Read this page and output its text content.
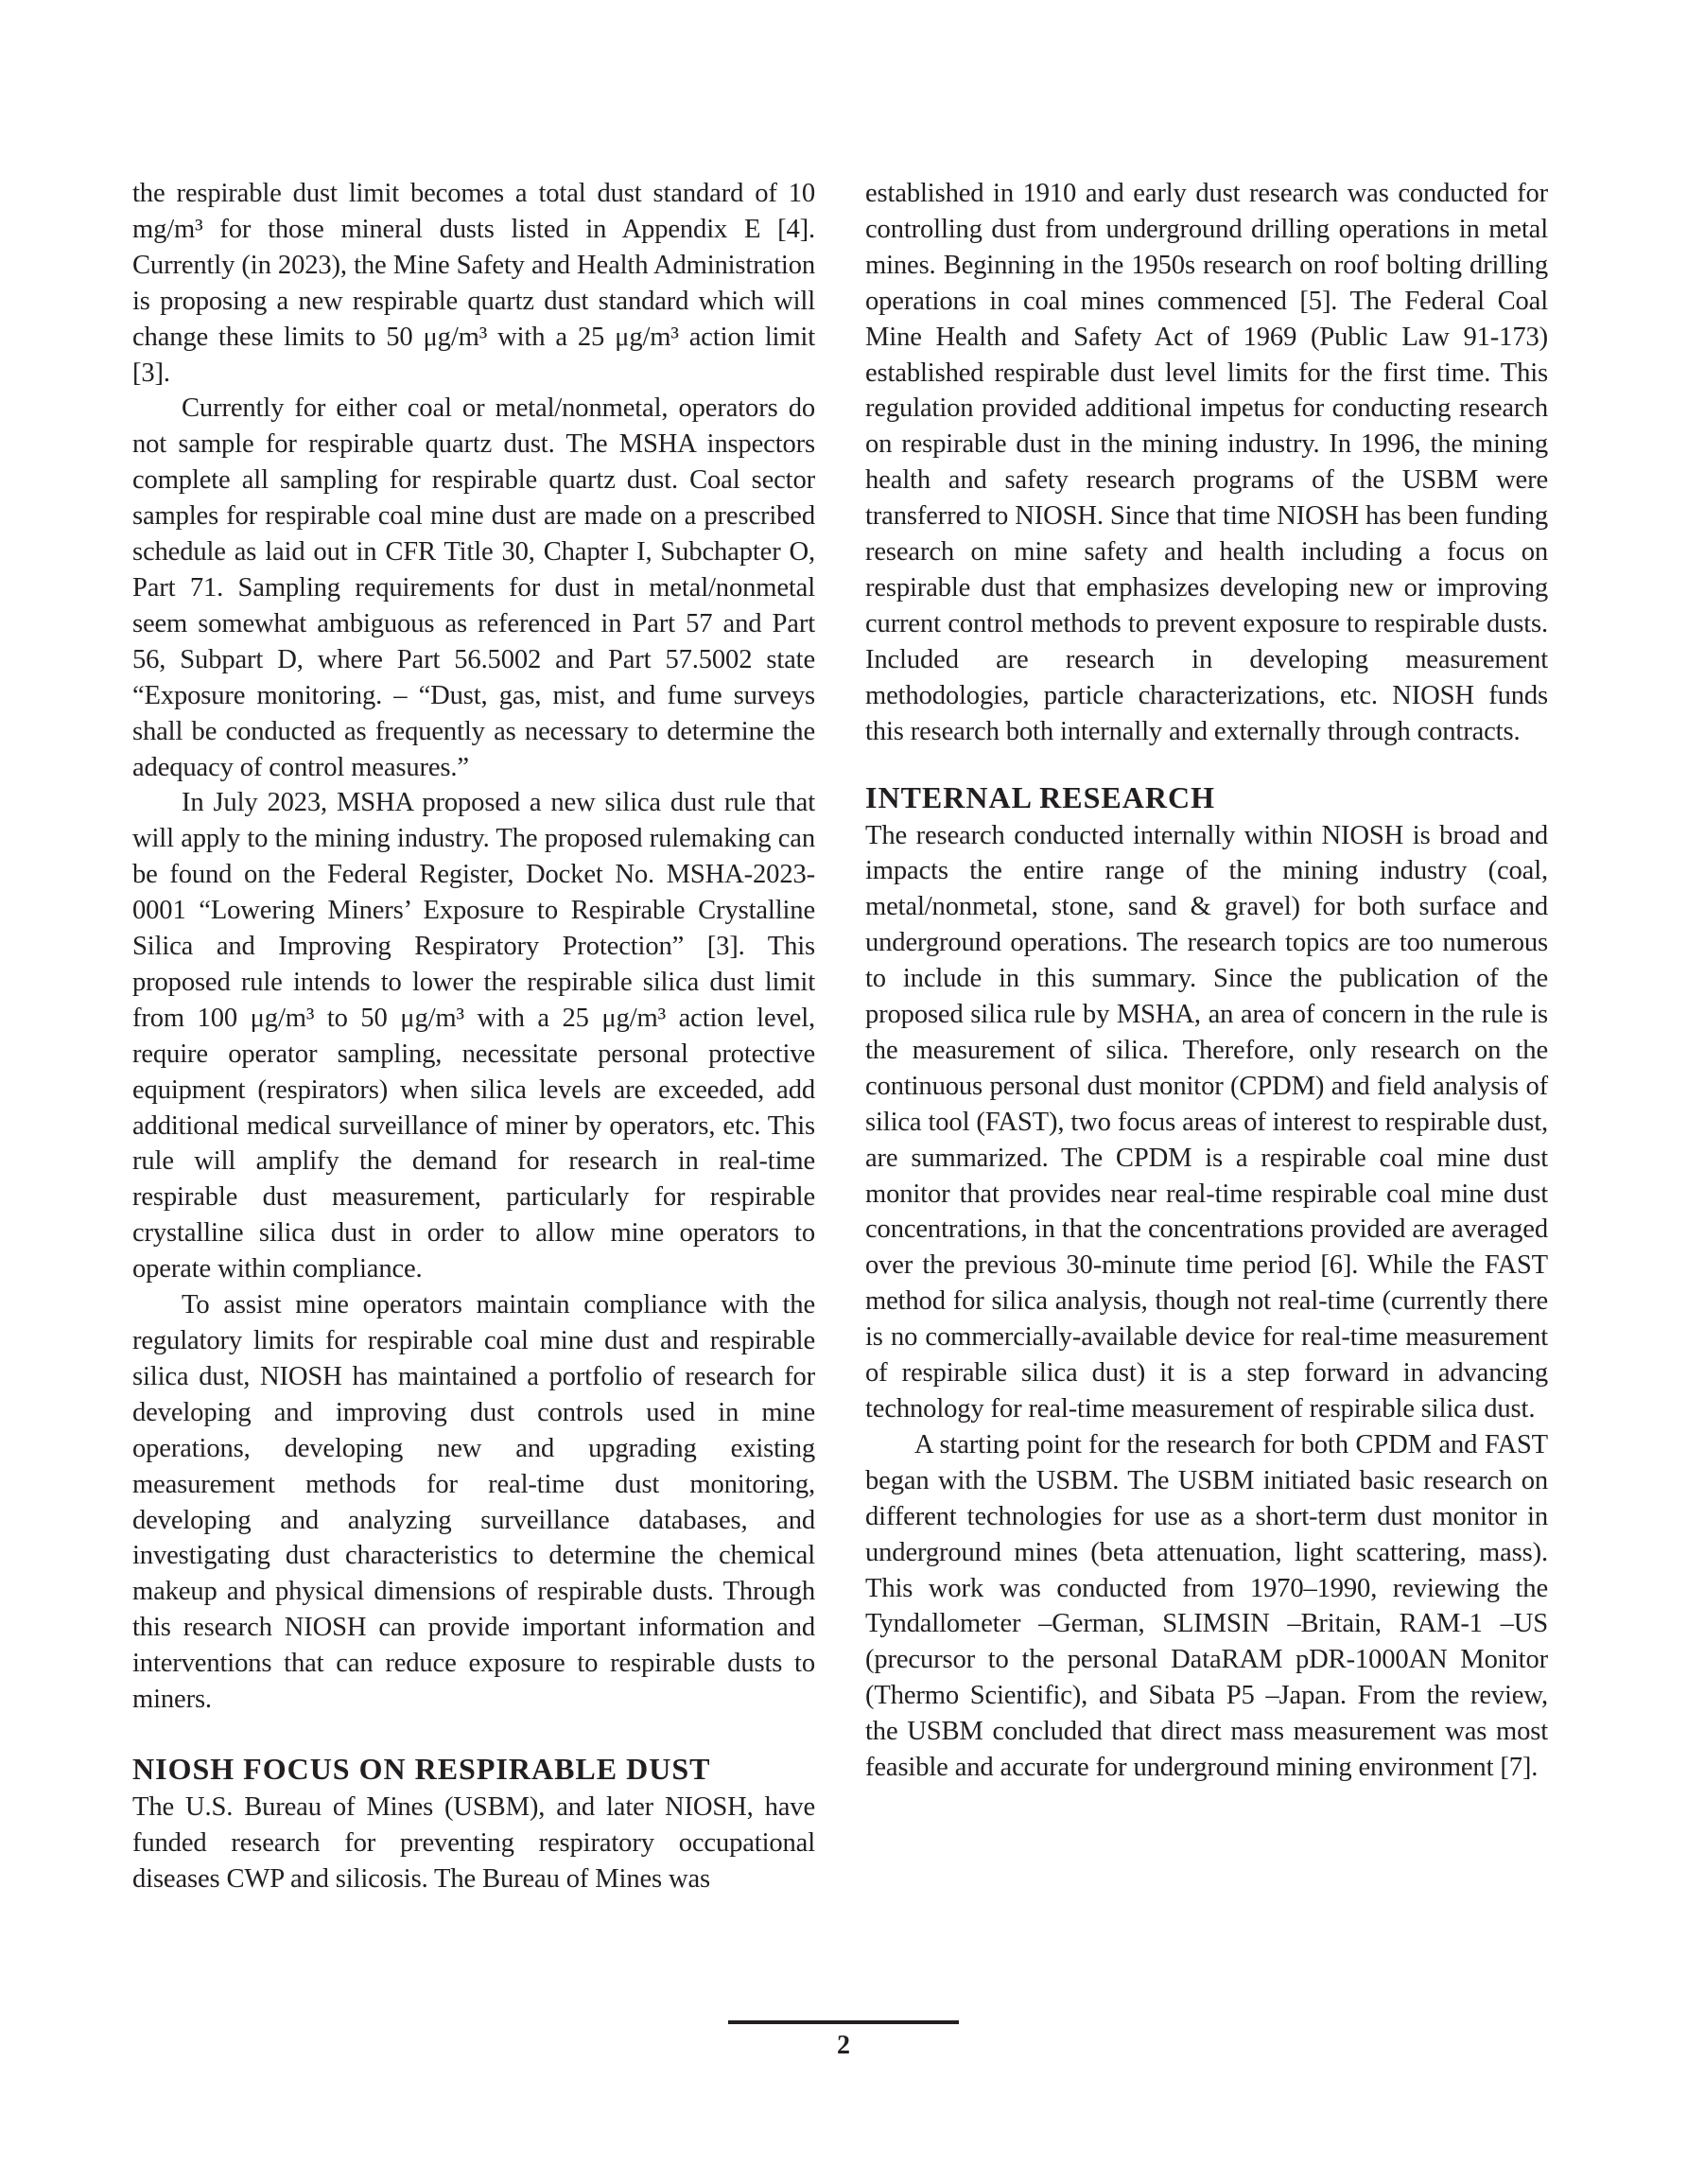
the respirable dust limit becomes a total dust standard of 10 mg/m³ for those mineral dusts listed in Appendix E [4]. Currently (in 2023), the Mine Safety and Health Administration is proposing a new respirable quartz dust standard which will change these limits to 50 μg/m³ with a 25 μg/m³ action limit [3].

Currently for either coal or metal/nonmetal, operators do not sample for respirable quartz dust. The MSHA inspectors complete all sampling for respirable quartz dust. Coal sector samples for respirable coal mine dust are made on a prescribed schedule as laid out in CFR Title 30, Chapter I, Subchapter O, Part 71. Sampling requirements for dust in metal/nonmetal seem somewhat ambiguous as referenced in Part 57 and Part 56, Subpart D, where Part 56.5002 and Part 57.5002 state “Exposure monitoring. – “Dust, gas, mist, and fume surveys shall be conducted as frequently as necessary to determine the adequacy of control measures.”

In July 2023, MSHA proposed a new silica dust rule that will apply to the mining industry. The proposed rulemaking can be found on the Federal Register, Docket No. MSHA-2023-0001 “Lowering Miners’ Exposure to Respirable Crystalline Silica and Improving Respiratory Protection” [3]. This proposed rule intends to lower the respirable silica dust limit from 100 μg/m³ to 50 μg/m³ with a 25 μg/m³ action level, require operator sampling, necessitate personal protective equipment (respirators) when silica levels are exceeded, add additional medical surveillance of miner by operators, etc. This rule will amplify the demand for research in real-time respirable dust measurement, particularly for respirable crystalline silica dust in order to allow mine operators to operate within compliance.

To assist mine operators maintain compliance with the regulatory limits for respirable coal mine dust and respirable silica dust, NIOSH has maintained a portfolio of research for developing and improving dust controls used in mine operations, developing new and upgrading existing measurement methods for real-time dust monitoring, developing and analyzing surveillance databases, and investigating dust characteristics to determine the chemical makeup and physical dimensions of respirable dusts. Through this research NIOSH can provide important information and interventions that can reduce exposure to respirable dusts to miners.

NIOSH FOCUS ON RESPIRABLE DUST

The U.S. Bureau of Mines (USBM), and later NIOSH, have funded research for preventing respiratory occupational diseases CWP and silicosis. The Bureau of Mines was

established in 1910 and early dust research was conducted for controlling dust from underground drilling operations in metal mines. Beginning in the 1950s research on roof bolting drilling operations in coal mines commenced [5]. The Federal Coal Mine Health and Safety Act of 1969 (Public Law 91-173) established respirable dust level limits for the first time. This regulation provided additional impetus for conducting research on respirable dust in the mining industry. In 1996, the mining health and safety research programs of the USBM were transferred to NIOSH. Since that time NIOSH has been funding research on mine safety and health including a focus on respirable dust that emphasizes developing new or improving current control methods to prevent exposure to respirable dusts. Included are research in developing measurement methodologies, particle characterizations, etc. NIOSH funds this research both internally and externally through contracts.

INTERNAL RESEARCH

The research conducted internally within NIOSH is broad and impacts the entire range of the mining industry (coal, metal/nonmetal, stone, sand & gravel) for both surface and underground operations. The research topics are too numerous to include in this summary. Since the publication of the proposed silica rule by MSHA, an area of concern in the rule is the measurement of silica. Therefore, only research on the continuous personal dust monitor (CPDM) and field analysis of silica tool (FAST), two focus areas of interest to respirable dust, are summarized. The CPDM is a respirable coal mine dust monitor that provides near real-time respirable coal mine dust concentrations, in that the concentrations provided are averaged over the previous 30-minute time period [6]. While the FAST method for silica analysis, though not real-time (currently there is no commercially-available device for real-time measurement of respirable silica dust) it is a step forward in advancing technology for real-time measurement of respirable silica dust.

A starting point for the research for both CPDM and FAST began with the USBM. The USBM initiated basic research on different technologies for use as a short-term dust monitor in underground mines (beta attenuation, light scattering, mass). This work was conducted from 1970–1990, reviewing the Tyndallometer –German, SLIMSIN –Britain, RAM-1 –US (precursor to the personal DataRAM pDR-1000AN Monitor (Thermo Scientific), and Sibata P5 –Japan. From the review, the USBM concluded that direct mass measurement was most feasible and accurate for underground mining environment [7].

2
